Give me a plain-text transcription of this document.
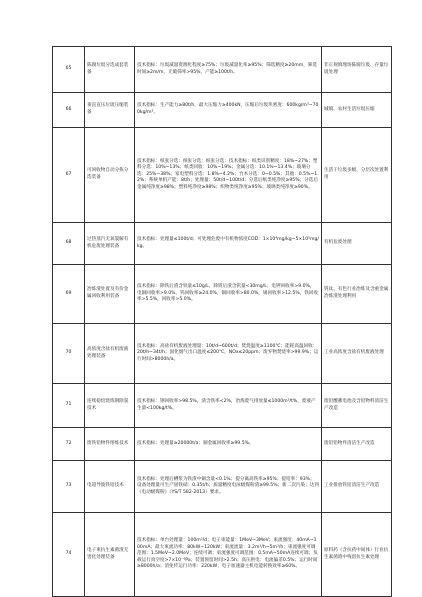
65	陈腐垃圾分选成套装备	技术指标：垃圾减量资源化程度≥75%；垃圾减量化率≥95%；筛选精度≥20mm，筛选时间≥2m/m，无破筛率>95%，产能≥100t/h。	非正规填埋场陈腐垃圾、存量垃圾处理
66	垂直直压垃圾压缩装备	技术指标：生产能力≥80t/h，最大压缩力≥400kN，压缩后垃圾块密度：600kg/m³~700kg/m³。	城镇、农村生活垃圾压缩
67	可回收物自动分拣分选装备	技术指标：纸张分选：纸张分选：纸张分选：技术指标：纸类识别精度：18%~27%；塑料分选：10%~13%；纸类回收：10%~19%；金属分选：10.1%~13.4%；玻璃分选：25%~38%；家电塑料分选：1.8%~4.2%；竹木分选：0~0.5%；其他：0.5%~1.2%；系统单机产能：8t/h；处理量：50t/d~100t/d；分选后纸类纯净度≥95%；分选后金属纯净度≥98%；塑料纯净度≥98%；织物类纯净度≥95%；玻璃类纯净度≥90%。	生活干垃圾多级、分层次处置利用
68	过热蒸汽无氧裂解有机危废处理装备	技术指标：处理量≤100t/d；可处理危废中有机物浓度COD：1×10⁴mg/kg~5×10⁵mg/kg。	有机危废处理
69	冶炼渣处置及有价金属回收利用装备	技术指标：除铁后渣含铁量≤10g/L，除钒后渣含钒量<30mg/L；电钾回收率>9.0%，电铜回收率>9.0%，钨回收率≥24.0%，铜回收率>80.0%，锡回收率>12.5%，铁回收率>5.5%，回收率>5.0%。	钒钛、有色行业冶炼及含重金属冶炼渣处理利用
70	高浓度含盐有机废液处理装备	技术指标：高盐有机废液处理量：10t/d~600t/d；焚烧温度≥1100℃；能耗高温回收：20t/h~34t/h；固化烟气出口温度≤200℃，NOx≤20ppm；废弃物焚烧率>99.9%；运行时间>8000h/a。	工业高浓度含盐有机废液处理
71	连续稳焙烧炼钢除氯技术	技术指标：钢回收率>98.5%，渣含铁率<2%，冶炼废气排放量≤1000m³/t%，废液产生量<100kg/t%。	废铅酸蓄电池及含铅物料清洁生产改造
72	废铁铅物件熔炼技术	技术指标：处理量≥20000t/a；铜金属回收率≥99.5%。	废铅铅物件清洁生产改造
73	电超导波铁铅技术	技术指标：处理后槽浆为铁渣中铜含量<0.1%；提分离高铁率≥95%；提铅率：93%；设备处理量可生产固铁硝：0.35t/h；质量精度电泳级煤粉渣≥99.5%；新二次污染；达到《电动级煤粉》（YS/T 582-2013）要求。	工业排放铁铅清洁生产改造
74	电子束抗生素菌渣无害化处理装备	技术指标：单台处理量：100m³/d；电子束能量：1MeV~3MeV；束流强度：40mA~100mA；最大束流功率：80kW~120kW；束流流量：3.2m³/h~5m³/h；束流强度可调范围：1.5MeV~2.0MeV；连续可调；束流强度可调范围：0.5mA~50mA连续可调；负载运行真空度>7×10⁻⁶Pa；装置预留时间>2.5h；高压供电：电流偏差0.5%；运行时间≥8000h/a；消免传运行功率：220kW；电子加速器主机电能转换效率≥60%。	原料药（含抗药中间体）行业抗生素菌渣中残留抗生素处理
